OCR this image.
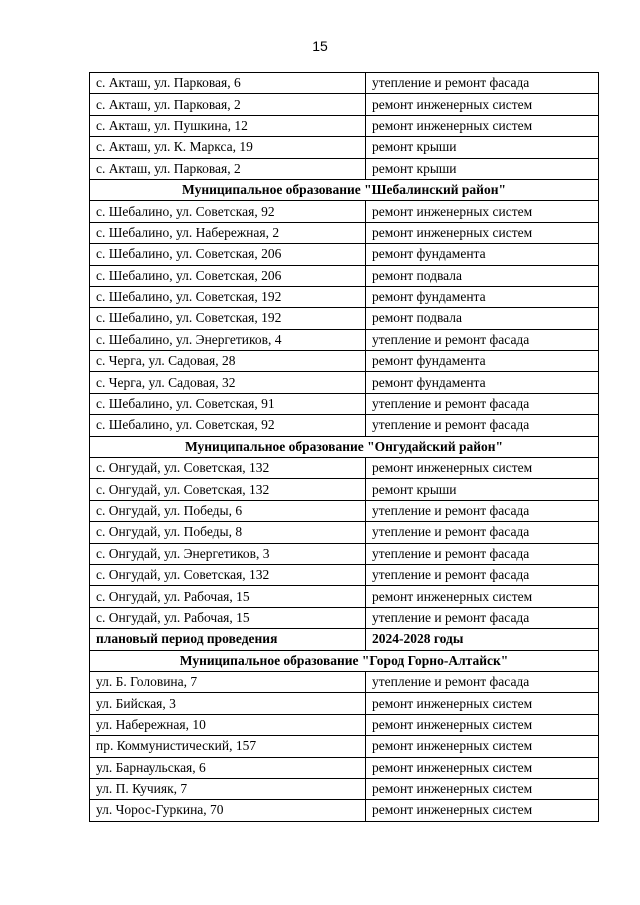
15
с. Акташ, ул. Парковая, 6	утепление и ремонт фасада
с. Акташ, ул. Парковая, 2	ремонт инженерных систем
с. Акташ, ул. Пушкина, 12	ремонт инженерных систем
с. Акташ, ул. К. Маркса, 19	ремонт крыши
с. Акташ, ул. Парковая, 2	ремонт крыши
Муниципальное образование "Шебалинский район"	
с. Шебалино, ул. Советская, 92	ремонт инженерных систем
с. Шебалино, ул. Набережная, 2	ремонт инженерных систем
с. Шебалино, ул. Советская, 206	ремонт фундамента
с. Шебалино, ул. Советская, 206	ремонт подвала
с. Шебалино, ул. Советская, 192	ремонт фундамента
с. Шебалино, ул. Советская, 192	ремонт подвала
с. Шебалино, ул. Энергетиков, 4	утепление и ремонт фасада
с. Черга, ул. Садовая, 28	ремонт фундамента
с. Черга, ул. Садовая, 32	ремонт фундамента
с. Шебалино, ул. Советская, 91	утепление и ремонт фасада
с. Шебалино, ул. Советская, 92	утепление и ремонт фасада
Муниципальное образование "Онгудайский район"	
с. Онгудай, ул. Советская, 132	ремонт инженерных систем
с. Онгудай, ул. Советская, 132	ремонт крыши
с. Онгудай, ул. Победы, 6	утепление и ремонт фасада
с. Онгудай, ул. Победы, 8	утепление и ремонт фасада
с. Онгудай, ул. Энергетиков, 3	утепление и ремонт фасада
с. Онгудай, ул. Советская, 132	утепление и ремонт фасада
с. Онгудай, ул. Рабочая, 15	ремонт инженерных систем
с. Онгудай, ул. Рабочая, 15	утепление и ремонт фасада
плановый период проведения	2024-2028 годы
Муниципальное образование "Город Горно-Алтайск"	
ул. Б. Головина, 7	утепление и ремонт фасада
ул. Бийская, 3	ремонт инженерных систем
ул. Набережная, 10	ремонт инженерных систем
пр. Коммунистический, 157	ремонт инженерных систем
ул. Барнаульская, 6	ремонт инженерных систем
ул. П. Кучияк, 7	ремонт инженерных систем
ул. Чорос-Гуркина, 70	ремонт инженерных систем
